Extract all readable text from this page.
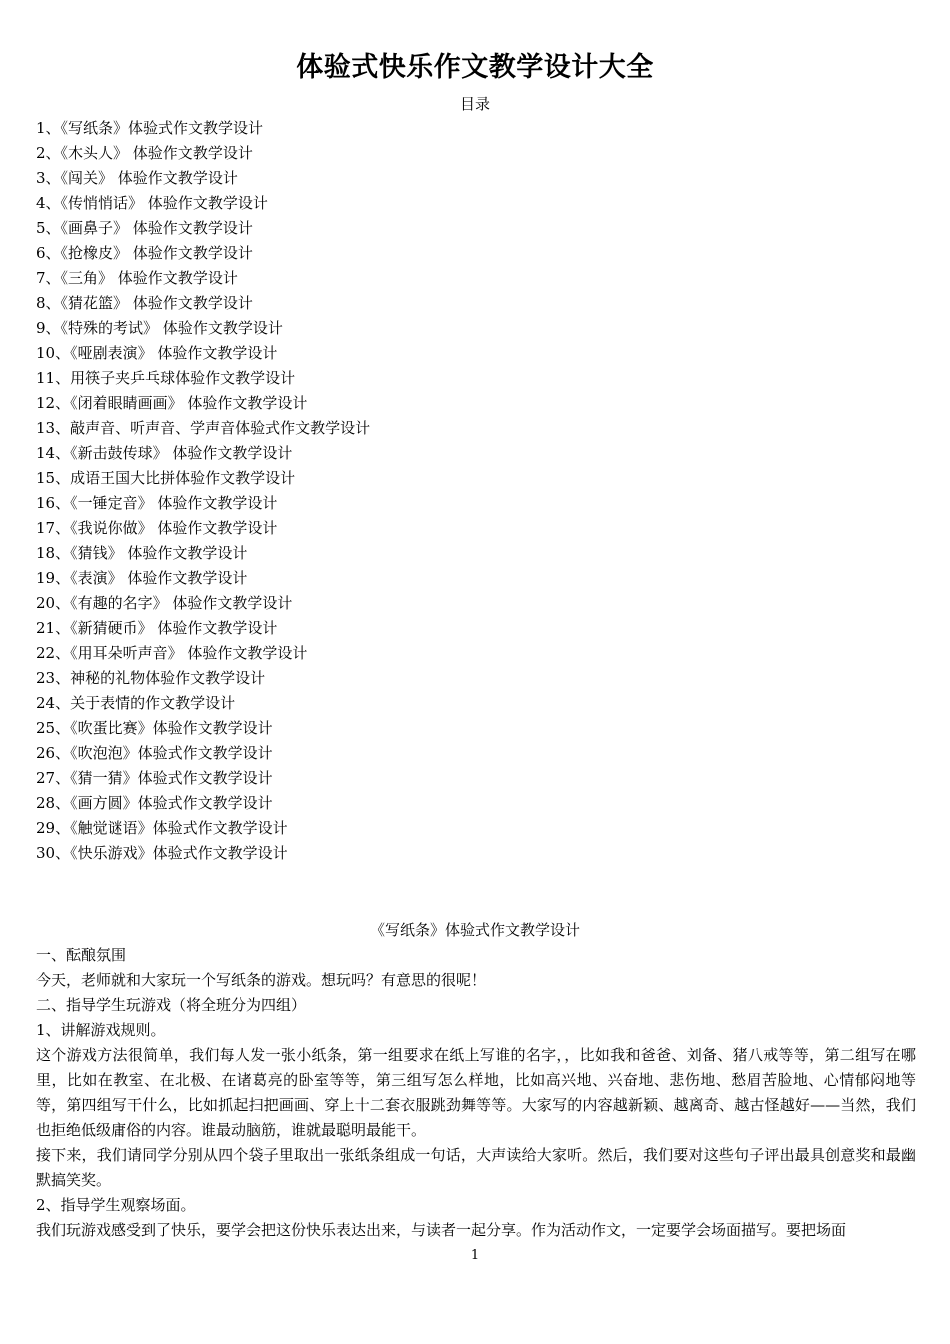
体验式快乐作文教学设计大全
目录
1、《写纸条》体验式作文教学设计
2、《木头人》 体验作文教学设计
3、《闯关》 体验作文教学设计
4、《传悄悄话》 体验作文教学设计
5、《画鼻子》 体验作文教学设计
6、《抢橡皮》 体验作文教学设计
7、《三角》 体验作文教学设计
8、《猜花篮》 体验作文教学设计
9、《特殊的考试》 体验作文教学设计
10、《哑剧表演》 体验作文教学设计
11、用筷子夹乒乓球体验作文教学设计
12、《闭着眼睛画画》 体验作文教学设计
13、敲声音、听声音、学声音体验式作文教学设计
14、《新击鼓传球》 体验作文教学设计
15、成语王国大比拼体验作文教学设计
16、《一锤定音》 体验作文教学设计
17、《我说你做》 体验作文教学设计
18、《猜钱》 体验作文教学设计
19、《表演》 体验作文教学设计
20、《有趣的名字》 体验作文教学设计
21、《新猜硬币》 体验作文教学设计
22、《用耳朵听声音》 体验作文教学设计
23、神秘的礼物体验作文教学设计
24、关于表情的作文教学设计
25、《吹蛋比赛》体验作文教学设计
26、《吹泡泡》体验式作文教学设计
27、《猜一猜》体验式作文教学设计
28、《画方圆》体验式作文教学设计
29、《触觉谜语》体验式作文教学设计
30、《快乐游戏》体验式作文教学设计
《写纸条》体验式作文教学设计

一、酝酿氛围

今天，老师就和大家玩一个写纸条的游戏。想玩吗？有意思的很呢！

二、指导学生玩游戏（将全班分为四组）

1、讲解游戏规则。

这个游戏方法很简单，我们每人发一张小纸条，第一组要求在纸上写谁的名字，，比如我和爸爸、刘备、猪八戒等等，第二组写在哪里，比如在教室、在北极、在诸葛亮的卧室等等，第三组写怎么样地，比如高兴地、兴奋地、悲伤地、愁眉苦脸地、心情郁闷地等等，第四组写干什么，比如抓起扫把画画、穿上十二套衣服跳劲舞等等。大家写的内容越新颖、越离奇、越古怪越好——当然，我们也拒绝低级庸俗的内容。谁最动脑筋，谁就最聪明最能干。

接下来，我们请同学分别从四个袋子里取出一张纸条组成一句话，大声读给大家听。然后，我们要对这些句子评出最具创意奖和最幽默搞笑奖。

2、指导学生观察场面。

我们玩游戏感受到了快乐，要学会把这份快乐表达出来，与读者一起分享。作为活动作文，一定要学会场面描写。要把场面

1
